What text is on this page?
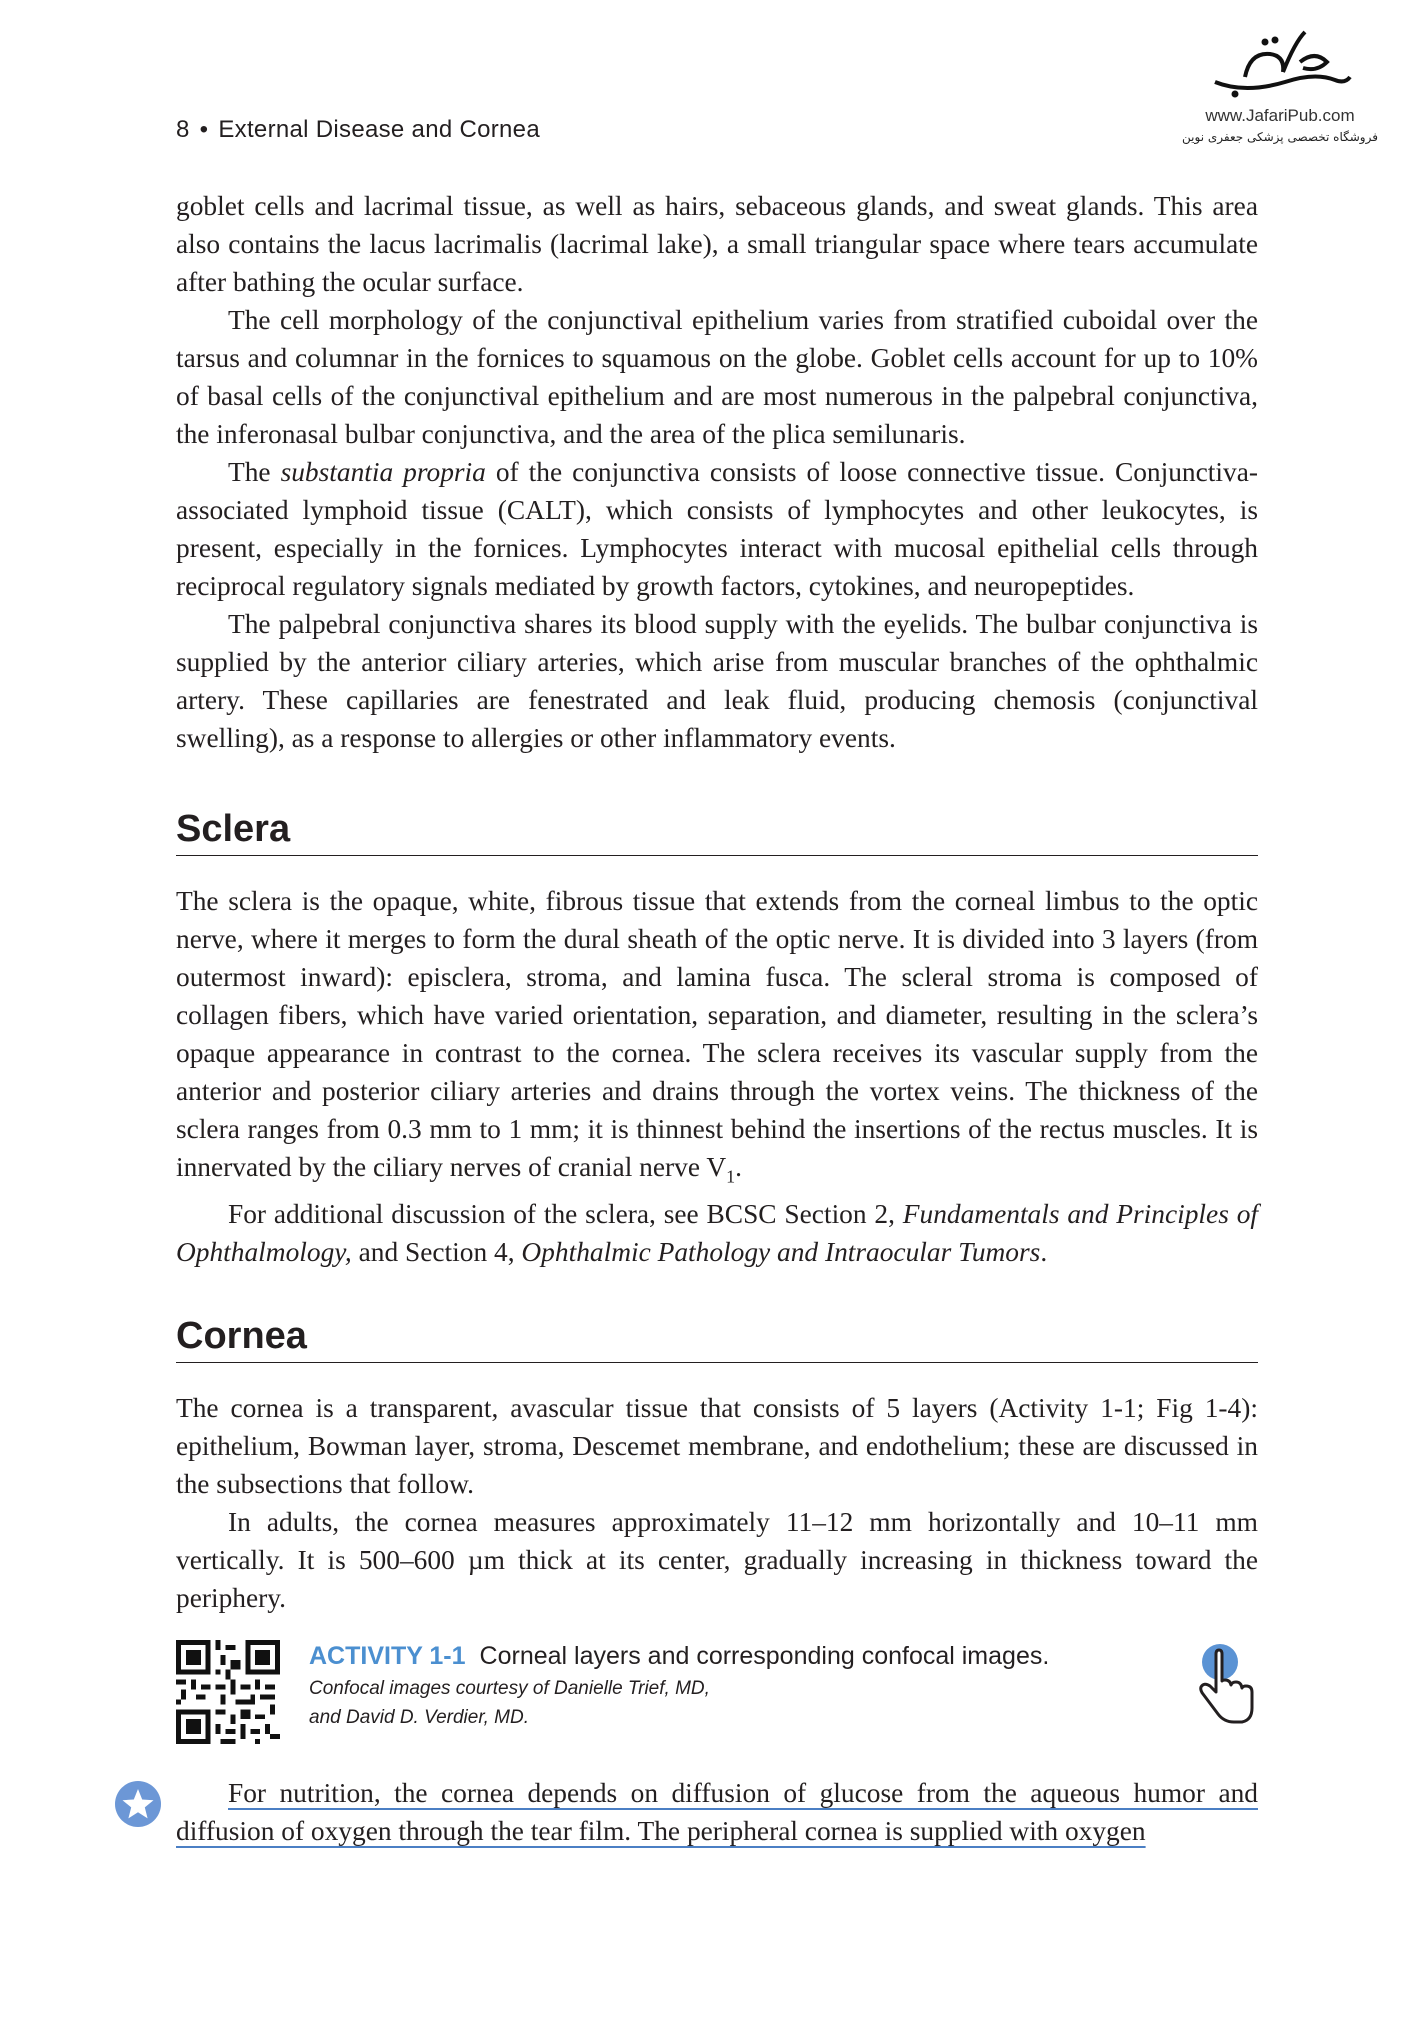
8 • External Disease and Cornea
www.JafariPub.com
فروشگاه تخصصی پزشکی جعفری نوین

goblet cells and lacrimal tissue, as well as hairs, sebaceous glands, and sweat glands. This area also contains the lacus lacrimalis (lacrimal lake), a small triangular space where tears accumulate after bathing the ocular surface.

The cell morphology of the conjunctival epithelium varies from stratified cuboidal over the tarsus and columnar in the fornices to squamous on the globe. Goblet cells account for up to 10% of basal cells of the conjunctival epithelium and are most numerous in the palpebral conjunctiva, the inferonasal bulbar conjunctiva, and the area of the plica semilunaris.

The substantia propria of the conjunctiva consists of loose connective tissue. Conjunctiva-associated lymphoid tissue (CALT), which consists of lymphocytes and other leukocytes, is present, especially in the fornices. Lymphocytes interact with mucosal epithelial cells through reciprocal regulatory signals mediated by growth factors, cytokines, and neuropeptides.

The palpebral conjunctiva shares its blood supply with the eyelids. The bulbar conjunctiva is supplied by the anterior ciliary arteries, which arise from muscular branches of the ophthalmic artery. These capillaries are fenestrated and leak fluid, producing chemosis (conjunctival swelling), as a response to allergies or other inflammatory events.

Sclera

The sclera is the opaque, white, fibrous tissue that extends from the corneal limbus to the optic nerve, where it merges to form the dural sheath of the optic nerve. It is divided into 3 layers (from outermost inward): episclera, stroma, and lamina fusca. The scleral stroma is composed of collagen fibers, which have varied orientation, separation, and diameter, resulting in the sclera’s opaque appearance in contrast to the cornea. The sclera receives its vascular supply from the anterior and posterior ciliary arteries and drains through the vortex veins. The thickness of the sclera ranges from 0.3 mm to 1 mm; it is thinnest behind the insertions of the rectus muscles. It is innervated by the ciliary nerves of cranial nerve $V_1$.

For additional discussion of the sclera, see BCSC Section 2, Fundamentals and Principles of Ophthalmology, and Section 4, Ophthalmic Pathology and Intraocular Tumors.

Cornea

The cornea is a transparent, avascular tissue that consists of 5 layers (Activity 1-1; Fig 1-4): epithelium, Bowman layer, stroma, Descemet membrane, and endothelium; these are discussed in the subsections that follow.

In adults, the cornea measures approximately 11–12 mm horizontally and 10–11 mm vertically. It is 500–600 µm thick at its center, gradually increasing in thickness toward the periphery.

ACTIVITY 1-1 Corneal layers and corresponding confocal images.
Confocal images courtesy of Danielle Trief, MD,
and David D. Verdier, MD.

For nutrition, the cornea depends on diffusion of glucose from the aqueous humor and diffusion of oxygen through the tear film. The peripheral cornea is supplied with oxygen
